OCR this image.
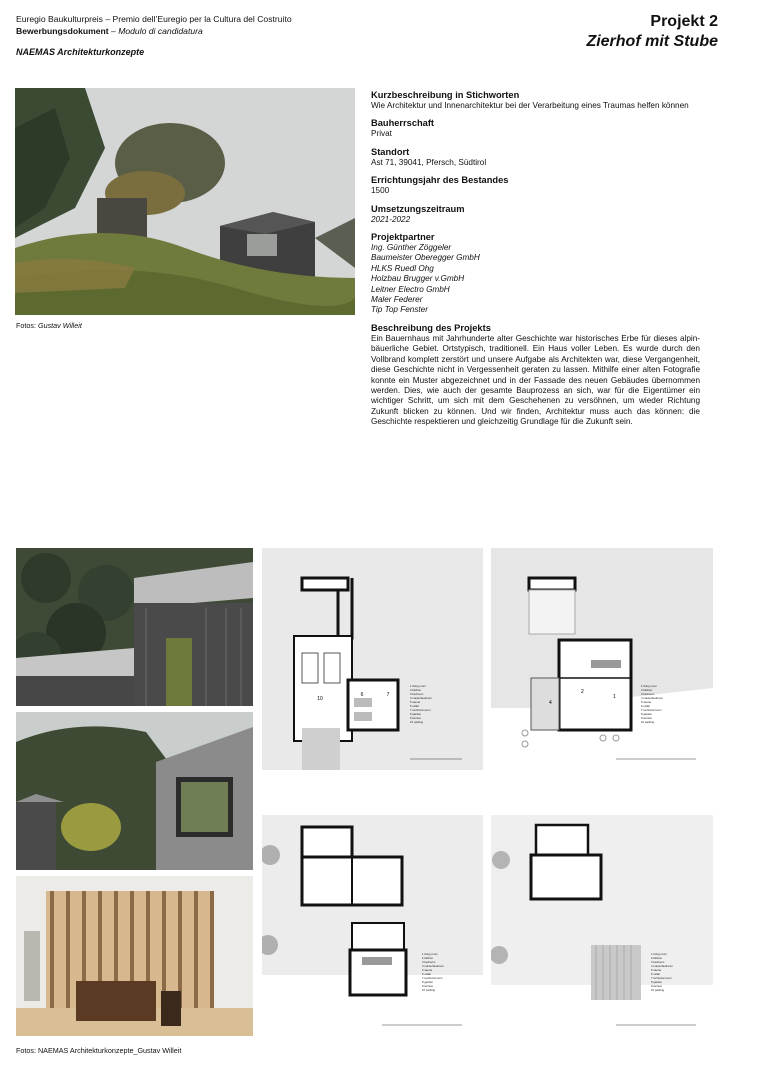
Euregio Baukulturpreis – Premio dell’Euregio per la Cultura del Costruito
Bewerbungsdokument – Modulo di candidatura
NAEMAS Architekturkonzepte
Projekt 2
Zierhof mit Stube
Fotos: Gustav Willeit
Kurzbeschreibung in Stichworten
Wie Architektur und Innenarchitektur bei der Verarbeitung eines Traumas helfen können
Bauherrschaft
Privat
Standort
Ast 71, 39041, Pfersch, Südtirol
Errichtungsjahr des Bestandes
1500
Umsetzungszeitraum
2021-2022
Projektpartner
Ing. Günther Zöggeler
Baumeister Oberegger GmbH
HLKS Ruedl Ohg
Holzbau Brugger v.GmbH
Leitner Electro GmbH
Maler Federer
Tip Top Fenster
Beschreibung des Projekts
Ein Bauernhaus mit Jahrhunderte alter Geschichte war historisches Erbe für dieses alpin-bäuerliche Gebiet. Ortstypisch, traditionell. Ein Haus voller Leben. Es wurde durch den Vollbrand komplett zerstört und unsere Aufgabe als Architekten war, diese Vergangenheit, diese Geschichte nicht in Vergessenheit geraten zu lassen. Mithilfe einer alten Fotografie konnte ein Muster abgezeichnet und in der Fassade des neuen Gebäudes übernommen werden. Dies, wie auch der gesamte Bauprozess an sich, war für die Eigentümer ein wichtiger Schritt, um sich mit dem Geschehenen zu versöhnen, um wieder Richtung Zukunft blicken zu können. Und wir finden, Architektur muss auch das können: die Geschichte respektieren und gleichzeitig Grundlage für die Zukunft sein.
10
7
6
1 living room
2 kitchen
3 bedroom
4 masterbedroom
5 sauna
6 cellar
7 technical room
8 garden
9 terrace
10 parking
4
1
2
1 living room
2 kitchen
3 bedroom
4 masterbedroom
5 sauna
6 cellar
7 technical room
8 garden
9 terrace
10 parking
1 living room
2 kitchen
3 bedroom
4 masterbedroom
5 sauna
6 cellar
7 technical room
8 garden
9 terrace
10 parking
1 living room
2 kitchen
3 bedroom
4 masterbedroom
5 sauna
6 cellar
7 technical room
8 garden
9 terrace
10 parking
Fotos: NAEMAS Architekturkonzepte_Gustav Willeit
